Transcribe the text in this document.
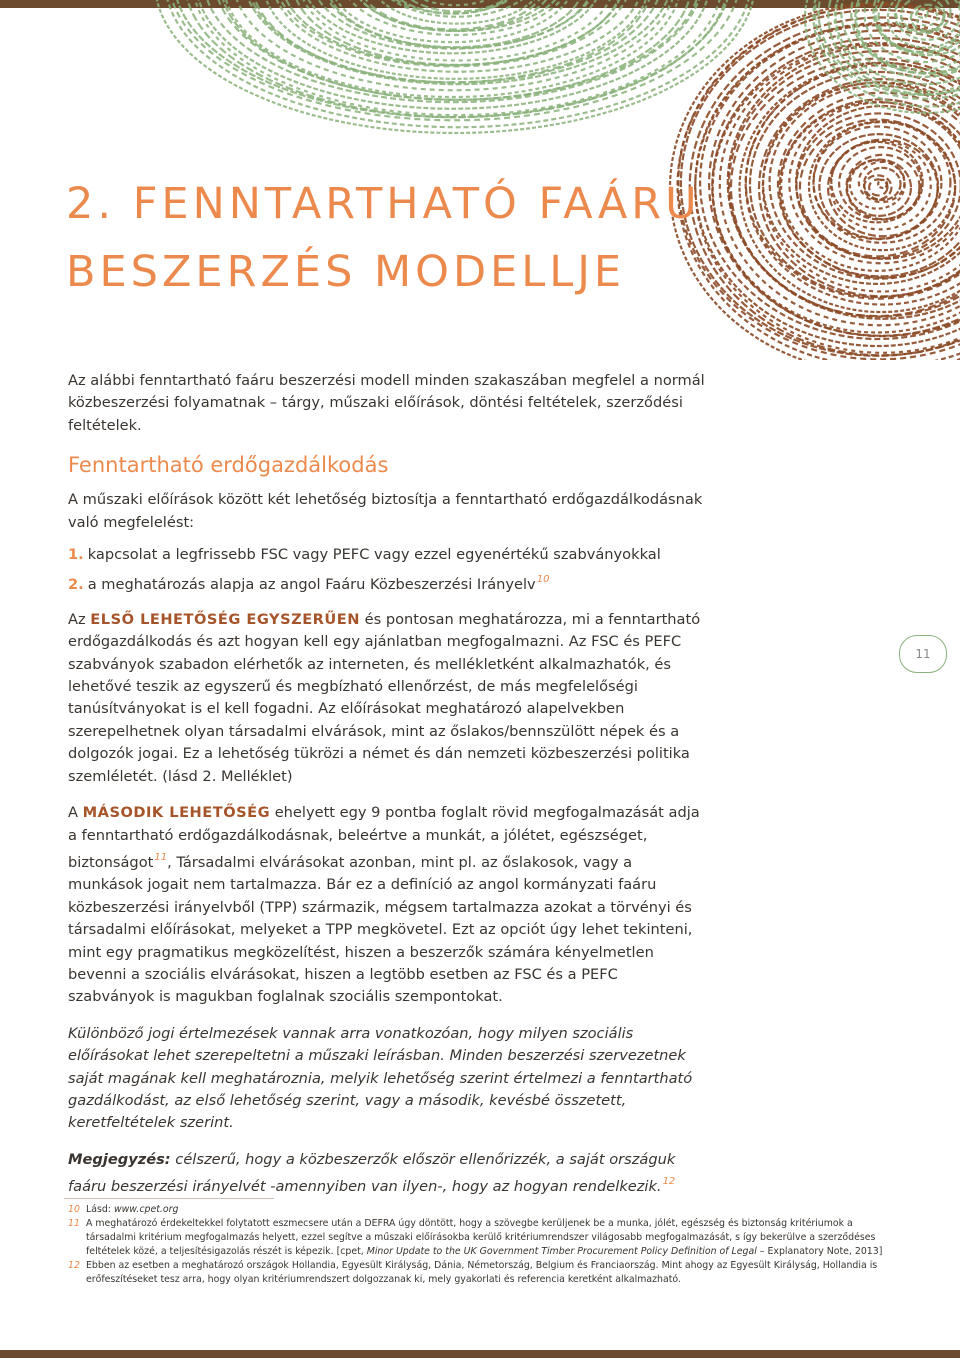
2. FENNTARTHATÓ FAÁRU
BESZERZÉS MODELLJE

Az alábbi fenntartható faáru beszerzési modell minden szakaszában megfelel a normál közbeszerzési folyamatnak – tárgy, műszaki előírások, döntési feltételek, szerződési feltételek.

Fenntartható erdőgazdálkodás

A műszaki előírások között két lehetőség biztosítja a fenntartható erdőgazdálkodásnak való megfelelést:

1. kapcsolat a legfrissebb FSC vagy PEFC vagy ezzel egyenértékű szabványokkal
2. a meghatározás alapja az angol Faáru Közbeszerzési Irányelv$^{10}$

Az ELSŐ LEHETŐSÉG EGYSZERŰEN és pontosan meghatározza, mi a fenntartható erdőgazdálkodás és azt hogyan kell egy ajánlatban megfogalmazni. Az FSC és PEFC szabványok szabadon elérhetők az interneten, és mellékletként alkalmazhatók, és lehetővé teszik az egyszerű és megbízható ellenőrzést, de más megfelelőségi tanúsítványokat is el kell fogadni. Az előírásokat meghatározó alapelvekben szerepelhetnek olyan társadalmi elvárások, mint az őslakos/bennszülött népek és a dolgozók jogai. Ez a lehetőség tükrözi a német és dán nemzeti közbeszerzési politika szemléletét. (lásd 2. Melléklet)

A MÁSODIK LEHETŐSÉG ehelyett egy 9 pontba foglalt rövid megfogalmazását adja a fenntartható erdőgazdálkodásnak, beleértve a munkát, a jólétet, egészséget, biztonságot$^{11}$, Társadalmi elvárásokat azonban, mint pl. az őslakosok, vagy a munkások jogait nem tartalmazza. Bár ez a definíció az angol kormányzati faáru közbeszerzési irányelvből (TPP) származik, mégsem tartalmazza azokat a törvényi és társadalmi előírásokat, melyeket a TPP megkövetel. Ezt az opciót úgy lehet tekinteni, mint egy pragmatikus megközelítést, hiszen a beszerzők számára kényelmetlen bevenni a szociális elvárásokat, hiszen a legtöbb esetben az FSC és a PEFC szabványok is magukban foglalnak szociális szempontokat.

Különböző jogi értelmezések vannak arra vonatkozóan, hogy milyen szociális előírásokat lehet szerepeltetni a műszaki leírásban. Minden beszerzési szervezetnek saját magának kell meghatároznia, melyik lehetőség szerint értelmezi a fenntartható gazdálkodást, az első lehetőség szerint, vagy a második, kevésbé összetett, keretfeltételek szerint.

Megjegyzés: célszerű, hogy a közbeszerzők először ellenőrizzék, a saját országuk faáru beszerzési irányelvét -amennyiben van ilyen-, hogy az hogyan rendelkezik.$^{12}$

11
10 Lásd: www.cpet.org
11 A meghatározó érdekeltekkel folytatott eszmecsere után a DEFRA úgy döntött, hogy a szövegbe kerüljenek be a munka, jólét, egészség és biztonság kritériumok a társadalmi kritérium megfogalmazás helyett, ezzel segítve a műszaki előírásokba kerülő kritériumrendszer világosabb megfogalmazását, s így bekerülve a szerződéses feltételek közé, a teljesítésigazolás részét is képezik. [cpet, Minor Update to the UK Government Timber Procurement Policy Definition of Legal – Explanatory Note, 2013]
12 Ebben az esetben a meghatározó országok Hollandia, Egyesült Királyság, Dánia, Németország, Belgium és Franciaország. Mint ahogy az Egyesült Királyság, Hollandia is erőfeszítéseket tesz arra, hogy olyan kritériumrendszert dolgozzanak ki, mely gyakorlati és referencia keretként alkalmazható.
